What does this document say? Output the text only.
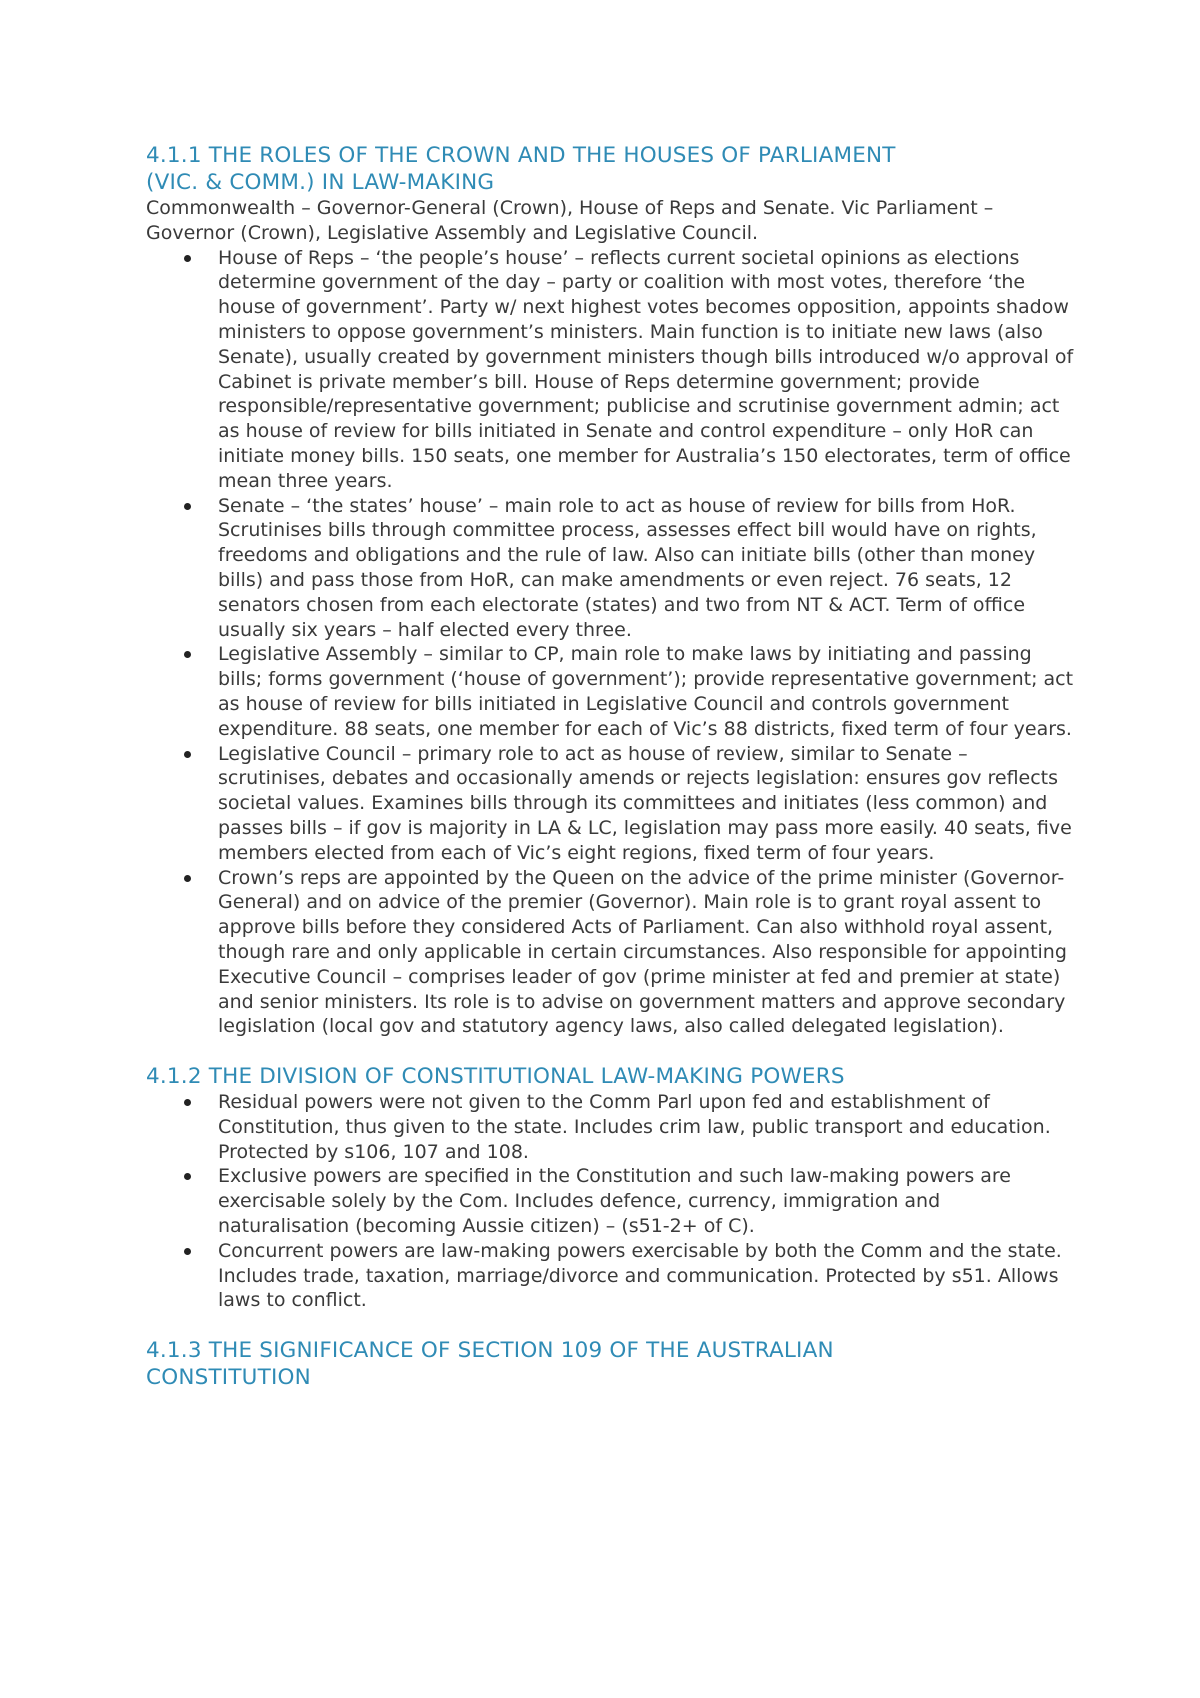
4.1.1 THE ROLES OF THE CROWN AND THE HOUSES OF PARLIAMENT
(VIC. & COMM.) IN LAW-MAKING

Commonwealth – Governor-General (Crown), House of Reps and Senate. Vic Parliament – Governor (Crown), Legislative Assembly and Legislative Council.

House of Reps – ‘the people’s house’ – reflects current societal opinions as elections determine government of the day – party or coalition with most votes, therefore ‘the house of government’. Party w/ next highest votes becomes opposition, appoints shadow ministers to oppose government’s ministers. Main function is to initiate new laws (also Senate), usually created by government ministers though bills introduced w/o approval of Cabinet is private member’s bill. House of Reps determine government; provide responsible/representative government; publicise and scrutinise government admin; act as house of review for bills initiated in Senate and control expenditure – only HoR can initiate money bills. 150 seats, one member for Australia’s 150 electorates, term of office mean three years.
Senate – ‘the states’ house’ – main role to act as house of review for bills from HoR. Scrutinises bills through committee process, assesses effect bill would have on rights, freedoms and obligations and the rule of law. Also can initiate bills (other than money bills) and pass those from HoR, can make amendments or even reject. 76 seats, 12 senators chosen from each electorate (states) and two from NT & ACT. Term of office usually six years – half elected every three.
Legislative Assembly – similar to CP, main role to make laws by initiating and passing bills; forms government (‘house of government’); provide representative government; act as house of review for bills initiated in Legislative Council and controls government expenditure. 88 seats, one member for each of Vic’s 88 districts, fixed term of four years.
Legislative Council – primary role to act as house of review, similar to Senate – scrutinises, debates and occasionally amends or rejects legislation: ensures gov reflects societal values. Examines bills through its committees and initiates (less common) and passes bills – if gov is majority in LA & LC, legislation may pass more easily. 40 seats, five members elected from each of Vic’s eight regions, fixed term of four years.
Crown’s reps are appointed by the Queen on the advice of the prime minister (Governor-General) and on advice of the premier (Governor). Main role is to grant royal assent to approve bills before they considered Acts of Parliament. Can also withhold royal assent, though rare and only applicable in certain circumstances. Also responsible for appointing Executive Council – comprises leader of gov (prime minister at fed and premier at state) and senior ministers. Its role is to advise on government matters and approve secondary legislation (local gov and statutory agency laws, also called delegated legislation).
4.1.2 THE DIVISION OF CONSTITUTIONAL LAW-MAKING POWERS
Residual powers were not given to the Comm Parl upon fed and establishment of Constitution, thus given to the state. Includes crim law, public transport and education. Protected by s106, 107 and 108.
Exclusive powers are specified in the Constitution and such law-making powers are exercisable solely by the Com. Includes defence, currency, immigration and naturalisation (becoming Aussie citizen) – (s51-2+ of C).
Concurrent powers are law-making powers exercisable by both the Comm and the state. Includes trade, taxation, marriage/divorce and communication. Protected by s51. Allows laws to conflict.
4.1.3 THE SIGNIFICANCE OF SECTION 109 OF THE AUSTRALIAN
CONSTITUTION
